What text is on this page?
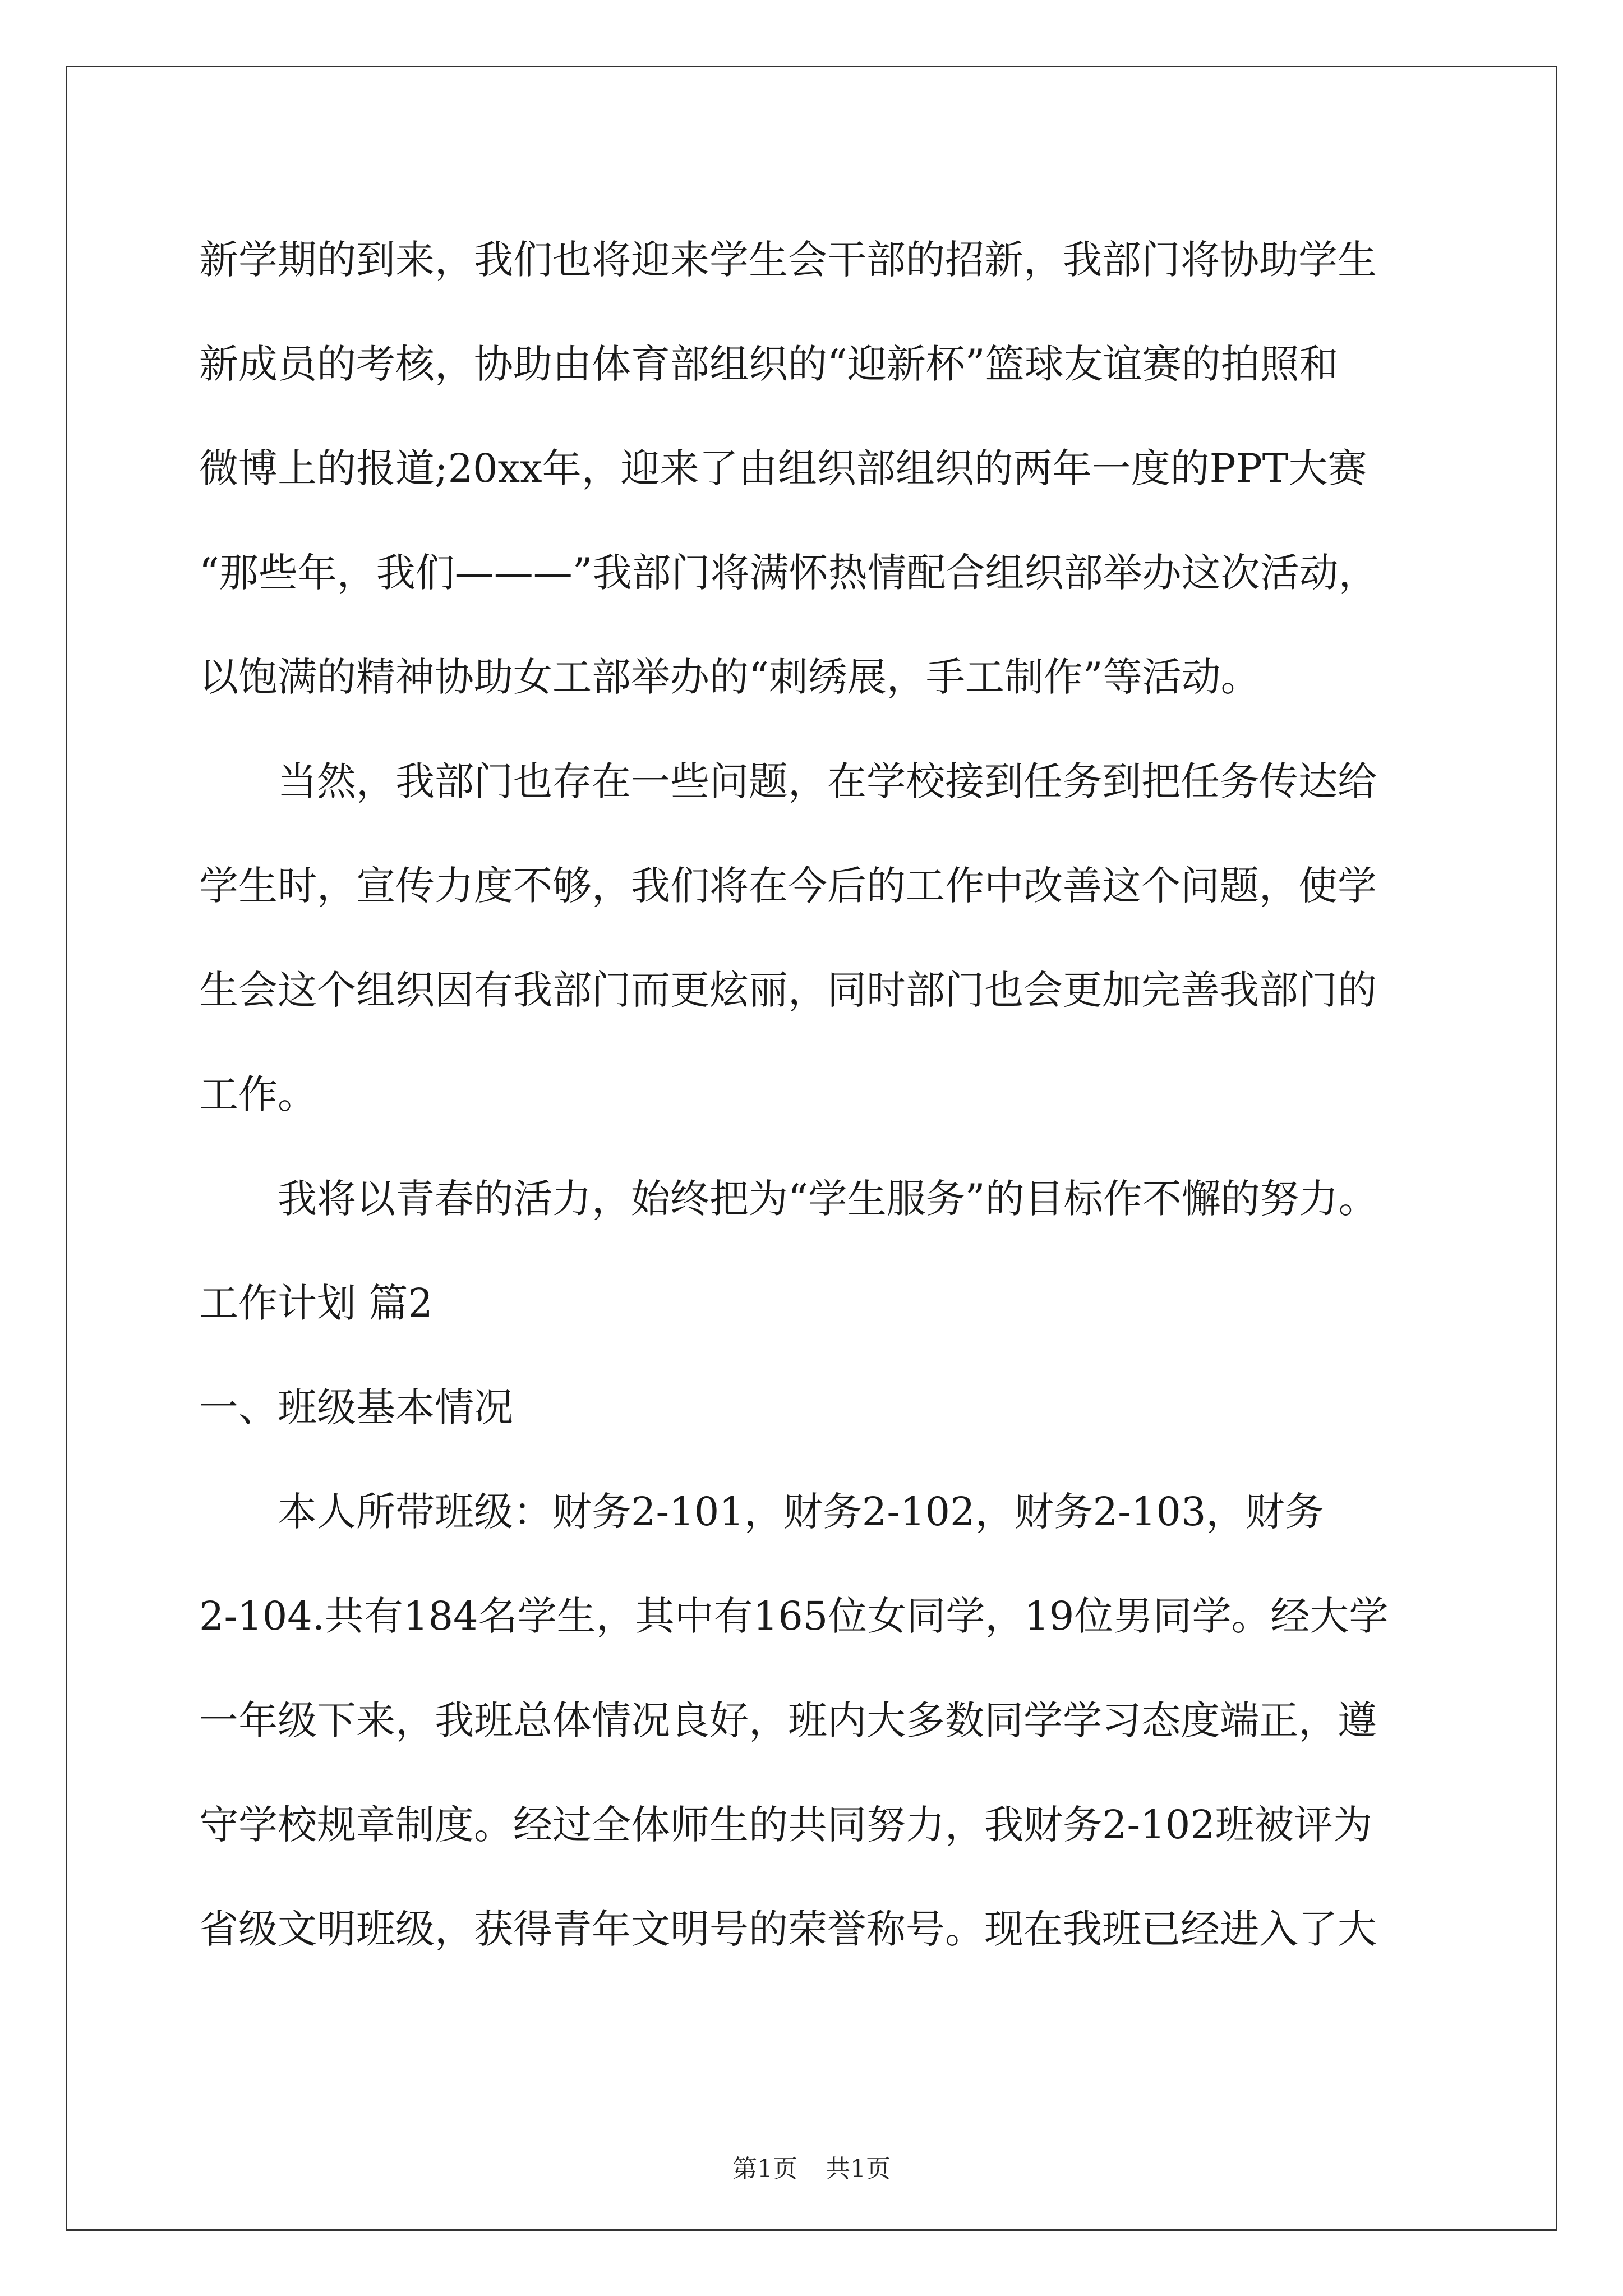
新学期的到来，我们也将迎来学生会干部的招新，我部门将协助学生
新成员的考核，协助由体育部组织的“迎新杯”篮球友谊赛的拍照和
微博上的报道;20xx年，迎来了由组织部组织的两年一度的PPT大赛
“那些年，我们———”我部门将满怀热情配合组织部举办这次活动，
以饱满的精神协助女工部举办的“刺绣展，手工制作”等活动。
当然，我部门也存在一些问题，在学校接到任务到把任务传达给
学生时，宣传力度不够，我们将在今后的工作中改善这个问题，使学
生会这个组织因有我部门而更炫丽，同时部门也会更加完善我部门的
工作。
我将以青春的活力，始终把为“学生服务”的目标作不懈的努力。
工作计划 篇2
一、班级基本情况
本人所带班级：财务2-101，财务2-102，财务2-103，财务
2-104.共有184名学生，其中有165位女同学，19位男同学。经大学
一年级下来，我班总体情况良好，班内大多数同学学习态度端正，遵
守学校规章制度。经过全体师生的共同努力，我财务2-102班被评为
省级文明班级，获得青年文明号的荣誉称号。现在我班已经进入了大
第1页 共1页
